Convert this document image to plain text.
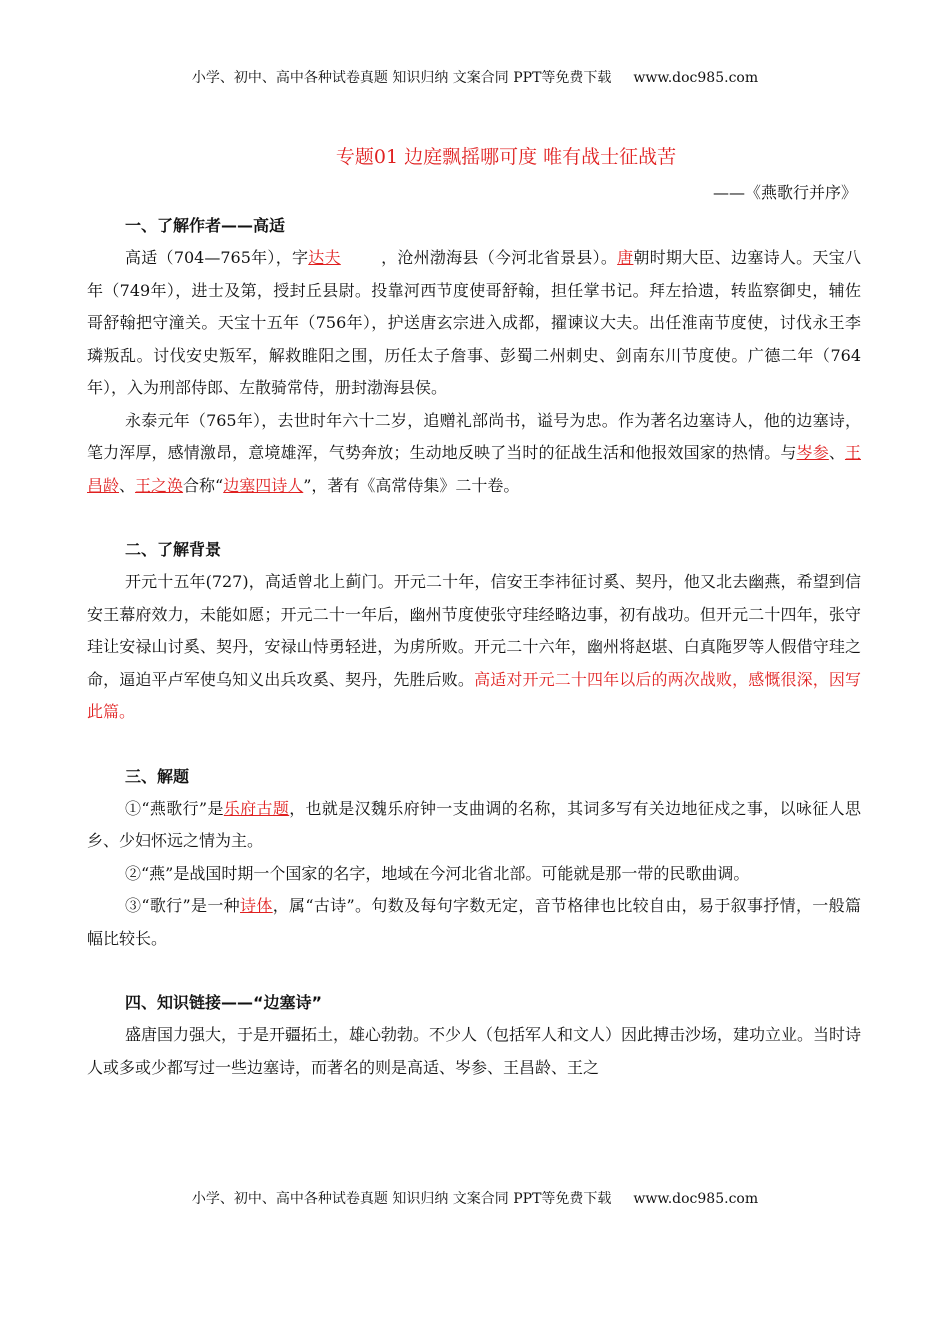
小学、初中、高中各种试卷真题 知识归纳 文案合同 PPT等免费下载 www.doc985.com
专题01 边庭飘摇哪可度 唯有战士征战苦
——《燕歌行并序》
一、了解作者——高适

高适（704—765年），字达夫	，沧州渤海县（今河北省景县）。唐朝时期大臣、边塞诗人。天宝八年（749年），进士及第，授封丘县尉。投靠河西节度使哥舒翰，担任掌书记。拜左拾遗，转监察御史，辅佐哥舒翰把守潼关。天宝十五年（756年），护送唐玄宗进入成都，擢谏议大夫。出任淮南节度使，讨伐永王李璘叛乱。讨伐安史叛军，解救睢阳之围，历任太子詹事、彭蜀二州刺史、剑南东川节度使。广德二年（764年），入为刑部侍郎、左散骑常侍，册封渤海县侯。

永泰元年（765年），去世时年六十二岁，追赠礼部尚书，谥号为忠。作为著名边塞诗人，他的边塞诗，笔力浑厚，感情激昂，意境雄浑，气势奔放；生动地反映了当时的征战生活和他报效国家的热情。与岑参、王昌龄、王之涣合称“边塞四诗人”，著有《高常侍集》二十卷。

二、了解背景

开元十五年(727)，高适曾北上蓟门。开元二十年，信安王李祎征讨奚、契丹，他又北去幽燕，希望到信安王幕府效力，未能如愿；开元二十一年后，幽州节度使张守珪经略边事，初有战功。但开元二十四年，张守珪让安禄山讨奚、契丹，安禄山恃勇轻进，为虏所败。开元二十六年，幽州将赵堪、白真陁罗等人假借守珪之命，逼迫平卢军使乌知义出兵攻奚、契丹，先胜后败。高适对开元二十四年以后的两次战败，感慨很深，因写此篇。

三、解题

①“燕歌行”是乐府古题，也就是汉魏乐府钟一支曲调的名称，其词多写有关边地征戍之事，以咏征人思乡、少妇怀远之情为主。

②“燕”是战国时期一个国家的名字，地域在今河北省北部。可能就是那一带的民歌曲调。

③“歌行”是一种诗体，属“古诗”。句数及每句字数无定，音节格律也比较自由，易于叙事抒情，一般篇幅比较长。

四、知识链接——“边塞诗”

盛唐国力强大，于是开疆拓土，雄心勃勃。不少人（包括军人和文人）因此搏击沙场，建功立业。当时诗人或多或少都写过一些边塞诗，而著名的则是高适、岑参、王昌龄、王之

小学、初中、高中各种试卷真题 知识归纳 文案合同 PPT等免费下载 www.doc985.com
